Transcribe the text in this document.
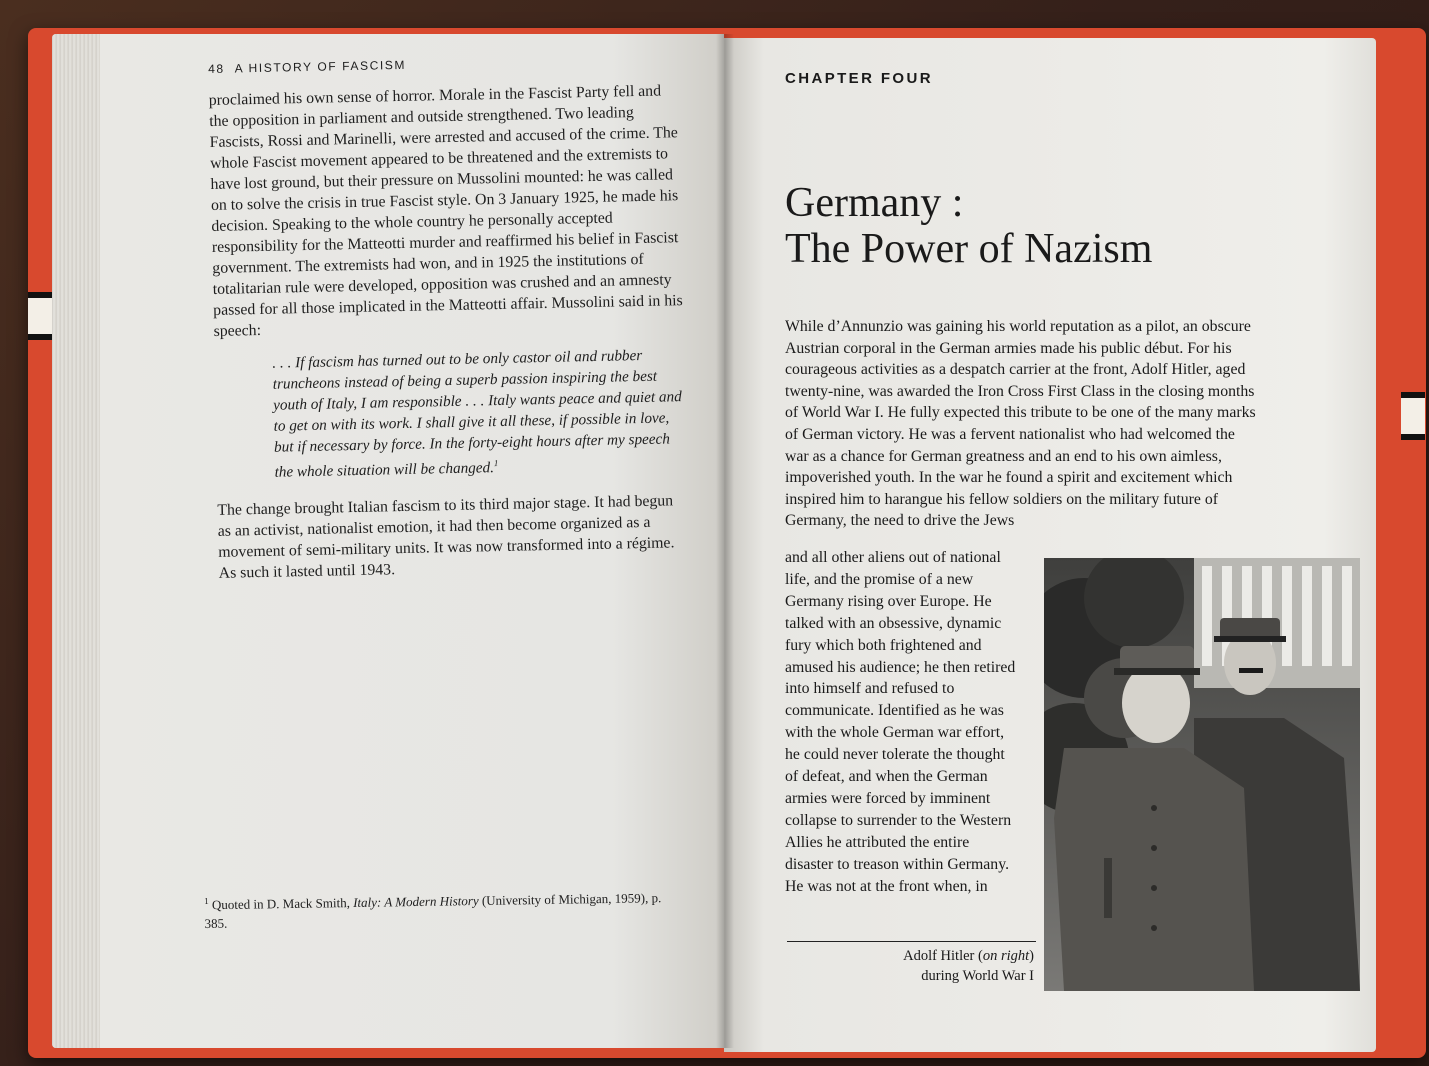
48 A HISTORY OF FASCISM

proclaimed his own sense of horror. Morale in the Fascist Party fell and the opposition in parliament and outside strengthened. Two leading Fascists, Rossi and Marinelli, were arrested and accused of the crime. The whole Fascist movement appeared to be threatened and the extremists to have lost ground, but their pressure on Mussolini mounted: he was called on to solve the crisis in true Fascist style. On 3 January 1925, he made his decision. Speaking to the whole country he personally accepted responsibility for the Matteotti murder and reaffirmed his belief in Fascist government. The extremists had won, and in 1925 the institutions of totalitarian rule were developed, opposition was crushed and an amnesty passed for all those implicated in the Matteotti affair. Mussolini said in his speech:

. . . If fascism has turned out to be only castor oil and rubber truncheons instead of being a superb passion inspiring the best youth of Italy, I am responsible . . . Italy wants peace and quiet and to get on with its work. I shall give it all these, if possible in love, but if necessary by force. In the forty-eight hours after my speech the whole situation will be changed.$^1$

The change brought Italian fascism to its third major stage. It had begun as an activist, nationalist emotion, it had then become organized as a movement of semi-military units. It was now transformed into a régime. As such it lasted until 1943.

$^1$ Quoted in D. Mack Smith, Italy: A Modern History (University of Michigan, 1959), p. 385.

CHAPTER FOUR

Germany :
The Power of Nazism

While d’Annunzio was gaining his world reputation as a pilot, an obscure Austrian corporal in the German armies made his public début. For his courageous activities as a despatch carrier at the front, Adolf Hitler, aged twenty-nine, was awarded the Iron Cross First Class in the closing months of World War I. He fully expected this tribute to be one of the many marks of German victory. He was a fervent nationalist who had welcomed the war as a chance for German greatness and an end to his own aimless, impoverished youth. In the war he found a spirit and excitement which inspired him to harangue his fellow soldiers on the military future of Germany, the need to drive the Jews

and all other aliens out of national life, and the promise of a new Germany rising over Europe. He talked with an obsessive, dynamic fury which both frightened and amused his audience; he then retired into himself and refused to communicate. Identified as he was with the whole German war effort, he could never tolerate the thought of defeat, and when the German armies were forced by imminent collapse to surrender to the Western Allies he attributed the entire disaster to treason within Germany. He was not at the front when, in

Adolf Hitler (on right)
during World War I
